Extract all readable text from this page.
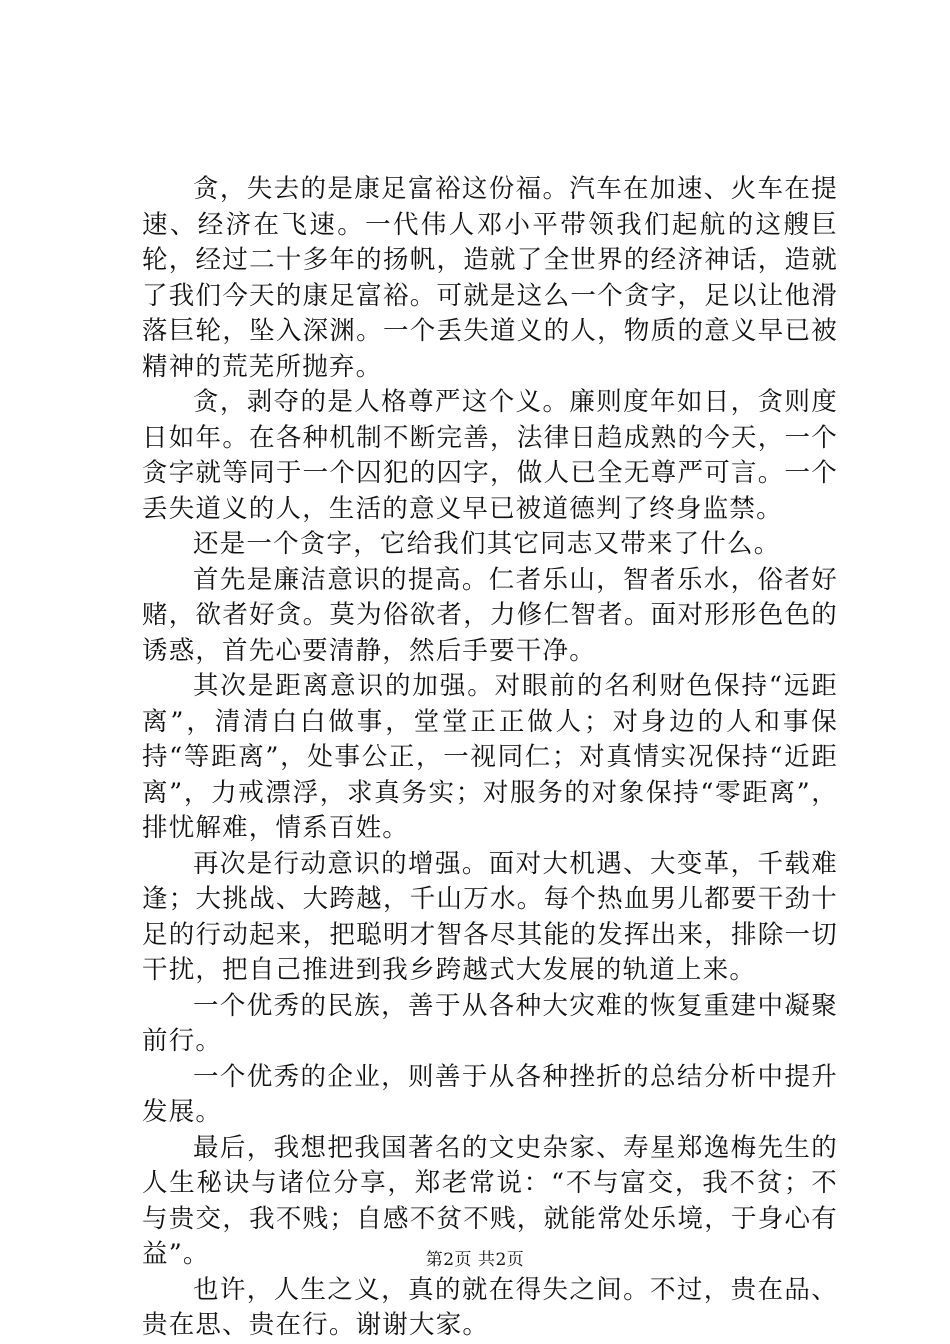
贪，失去的是康足富裕这份福。汽车在加速、火车在提速、经济在飞速。一代伟人邓小平带领我们起航的这艘巨轮，经过二十多年的扬帆，造就了全世界的经济神话，造就了我们今天的康足富裕。可就是这么一个贪字，足以让他滑落巨轮，坠入深渊。一个丢失道义的人，物质的意义早已被精神的荒芜所抛弃。

贪，剥夺的是人格尊严这个义。廉则度年如日，贪则度日如年。在各种机制不断完善，法律日趋成熟的今天，一个贪字就等同于一个囚犯的囚字，做人已全无尊严可言。一个丢失道义的人，生活的意义早已被道德判了终身监禁。

还是一个贪字，它给我们其它同志又带来了什么。

首先是廉洁意识的提高。仁者乐山，智者乐水，俗者好赌，欲者好贪。莫为俗欲者，力修仁智者。面对形形色色的诱惑，首先心要清静，然后手要干净。

其次是距离意识的加强。对眼前的名利财色保持“远距离”，清清白白做事，堂堂正正做人；对身边的人和事保持“等距离”，处事公正，一视同仁；对真情实况保持“近距离”，力戒漂浮，求真务实；对服务的对象保持“零距离”，排忧解难，情系百姓。

再次是行动意识的增强。面对大机遇、大变革，千载难逢；大挑战、大跨越，千山万水。每个热血男儿都要干劲十足的行动起来，把聪明才智各尽其能的发挥出来，排除一切干扰，把自己推进到我乡跨越式大发展的轨道上来。

一个优秀的民族，善于从各种大灾难的恢复重建中凝聚前行。

一个优秀的企业，则善于从各种挫折的总结分析中提升发展。

最后，我想把我国著名的文史杂家、寿星郑逸梅先生的人生秘诀与诸位分享，郑老常说：“不与富交，我不贫；不与贵交，我不贱；自感不贫不贱，就能常处乐境，于身心有益”。

也许，人生之义，真的就在得失之间。不过，贵在品、贵在思、贵在行。谢谢大家。

第2页 共2页
